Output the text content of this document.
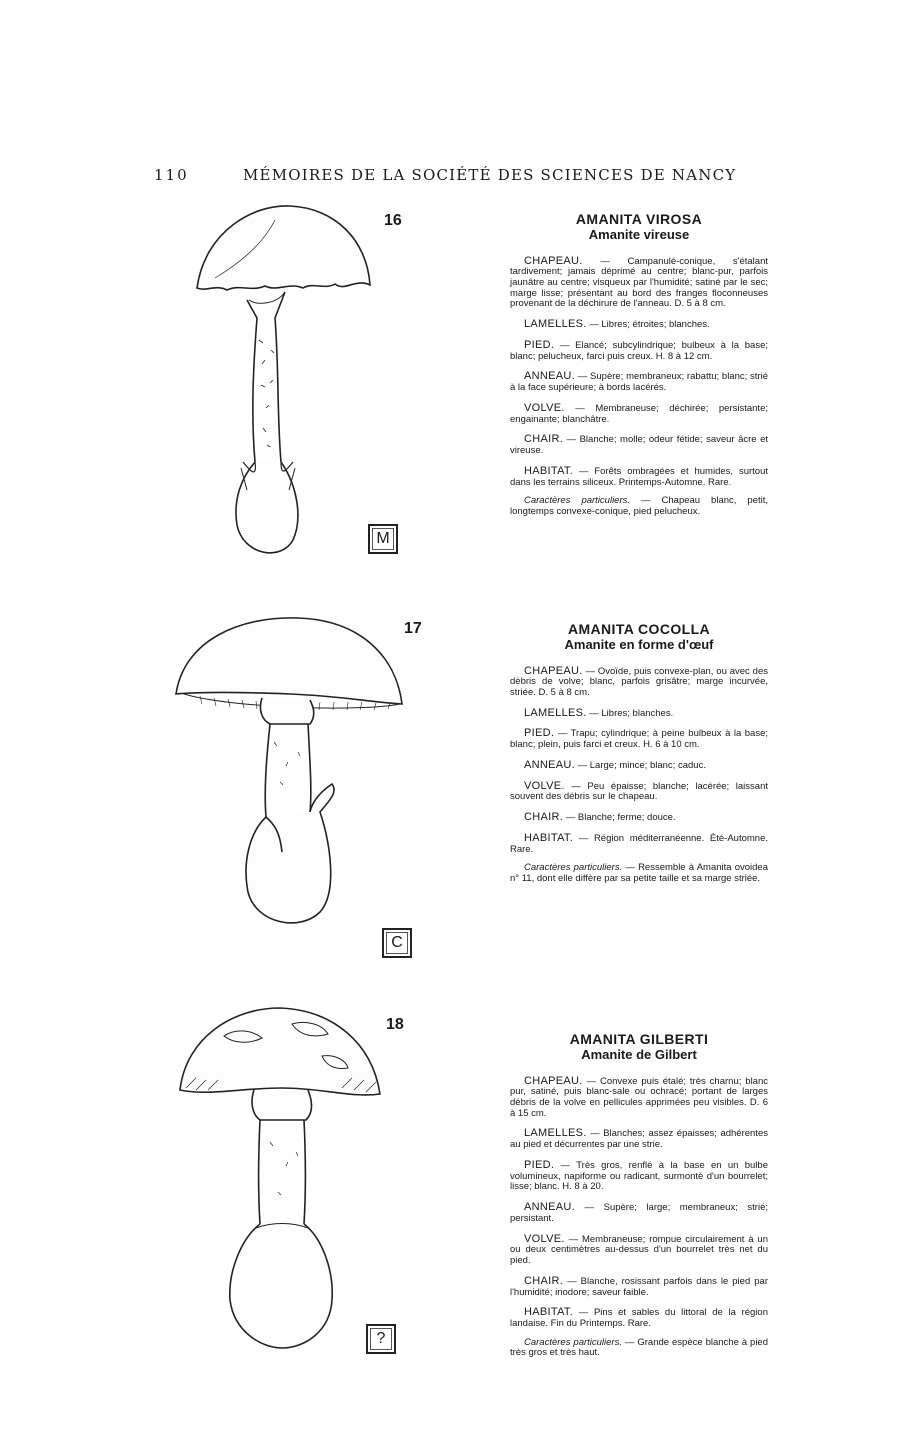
110	MÉMOIRES DE LA SOCIÉTÉ DES SCIENCES DE NANCY
16
M
AMANITA VIROSA
Amanite vireuse

CHAPEAU. — Campanulé-conique, s'étalant tardivement; jamais déprimé au centre; blanc-pur, parfois jaunâtre au centre; visqueux par l'humidité; satiné par le sec; marge lisse; présentant au bord des franges floconneuses provenant de la déchirure de l'anneau. D. 5 à 8 cm.

LAMELLES. — Libres; étroites; blanches.

PIED. — Elancé; subcylindrique; bulbeux à la base; blanc; pelucheux, farci puis creux. H. 8 à 12 cm.

ANNEAU. — Supère; membraneux; rabattu; blanc; strié à la face supérieure; à bords lacérés.

VOLVE. — Membraneuse; déchirée; persistante; engainante; blanchâtre.

CHAIR. — Blanche; molle; odeur fétide; saveur âcre et vireuse.

HABITAT. — Forêts ombragées et humides, surtout dans les terrains siliceux. Printemps-Automne. Rare.

Caractères particuliers. — Chapeau blanc, petit, longtemps convexe-conique, pied pelucheux.

17
C
AMANITA COCOLLA
Amanite en forme d'œuf

CHAPEAU. — Ovoïde, puis convexe-plan, ou avec des débris de volve; blanc, parfois grisâtre; marge incurvée, striée. D. 5 à 8 cm.

LAMELLES. — Libres; blanches.

PIED. — Trapu; cylindrique; à peine bulbeux à la base; blanc; plein, puis farci et creux. H. 6 à 10 cm.

ANNEAU. — Large; mince; blanc; caduc.

VOLVE. — Peu épaisse; blanche; lacérée; laissant souvent des débris sur le chapeau.

CHAIR. — Blanche; ferme; douce.

HABITAT. — Région méditerranéenne. Été-Automne. Rare.

Caractères particuliers. — Ressemble à Amanita ovoidea n° 11, dont elle diffère par sa petite taille et sa marge striée.

18
?
AMANITA GILBERTI
Amanite de Gilbert

CHAPEAU. — Convexe puis étalé; très charnu; blanc pur, satiné, puis blanc-sale ou ochracé; portant de larges débris de la volve en pellicules apprimées peu visibles. D. 6 à 15 cm.

LAMELLES. — Blanches; assez épaisses; adhérentes au pied et décurrentes par une strie.

PIED. — Très gros, renflé à la base en un bulbe volumineux, napiforme ou radicant, surmonté d'un bourrelet; lisse; blanc. H. 8 à 20.

ANNEAU. — Supère; large; membraneux; strié; persistant.

VOLVE. — Membraneuse; rompue circulairement à un ou deux centimètres au-dessus d'un bourrelet très net du pied.

CHAIR. — Blanche, rosissant parfois dans le pied par l'humidité; inodore; saveur faible.

HABITAT. — Pins et sables du littoral de la région landaise. Fin du Printemps. Rare.

Caractères particuliers. — Grande espèce blanche à pied très gros et très haut.
